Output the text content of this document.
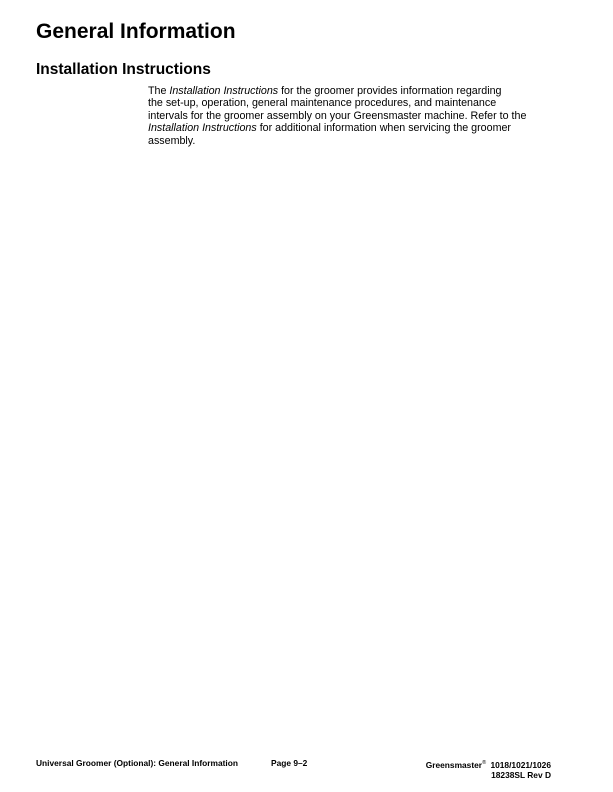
General Information
Installation Instructions
The Installation Instructions for the groomer provides information regarding
the set-up, operation, general maintenance procedures, and maintenance
intervals for the groomer assembly on your Greensmaster machine. Refer to the
Installation Instructions for additional information when servicing the groomer
assembly.
Universal Groomer (Optional): General Information	Page 9–2	Greensmaster® 1018/1021/1026
18238SL Rev D
